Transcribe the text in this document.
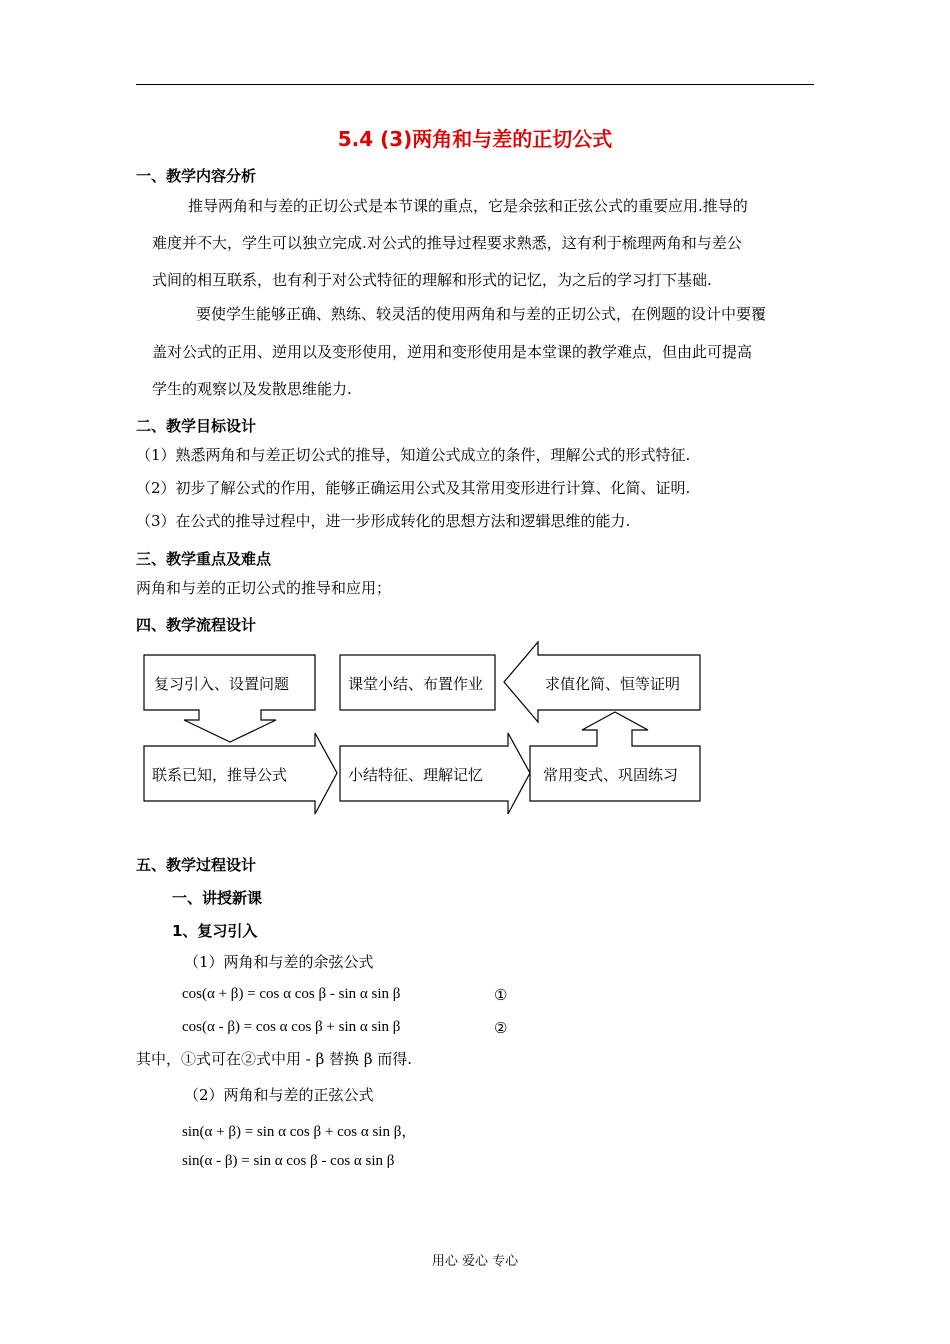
5.4 (3)两角和与差的正切公式
一、教学内容分析
推导两角和与差的正切公式是本节课的重点，它是余弦和正弦公式的重要应用.推导的
难度并不大，学生可以独立完成.对公式的推导过程要求熟悉，这有利于梳理两角和与差公
式间的相互联系，也有利于对公式特征的理解和形式的记忆，为之后的学习打下基础.
要使学生能够正确、熟练、较灵活的使用两角和与差的正切公式，在例题的设计中要覆
盖对公式的正用、逆用以及变形使用，逆用和变形使用是本堂课的教学难点，但由此可提高
学生的观察以及发散思维能力.
二、教学目标设计
（1）熟悉两角和与差正切公式的推导，知道公式成立的条件，理解公式的形式特征.
（2）初步了解公式的作用，能够正确运用公式及其常用变形进行计算、化简、证明.
（3）在公式的推导过程中，进一步形成转化的思想方法和逻辑思维的能力.
三、教学重点及难点
两角和与差的正切公式的推导和应用；
四、教学流程设计
复习引入、设置问题
联系已知，推导公式	小结特征、理解记忆	常用变式、巩固练习
求值化简、恒等证明
课堂小结、布置作业
五、教学过程设计
一、讲授新课
1、复习引入
（1）两角和与差的余弦公式
cos(α + β) = cos α cos β - sin α sin β	①
cos(α - β) = cos α cos β + sin α sin β	②
其中，①式可在②式中用 - β 替换 β 而得.
（2）两角和与差的正弦公式
sin(α + β) = sin α cos β + cos α sin β，
sin(α - β) = sin α cos β - cos α sin β
用心 爱心 专心
